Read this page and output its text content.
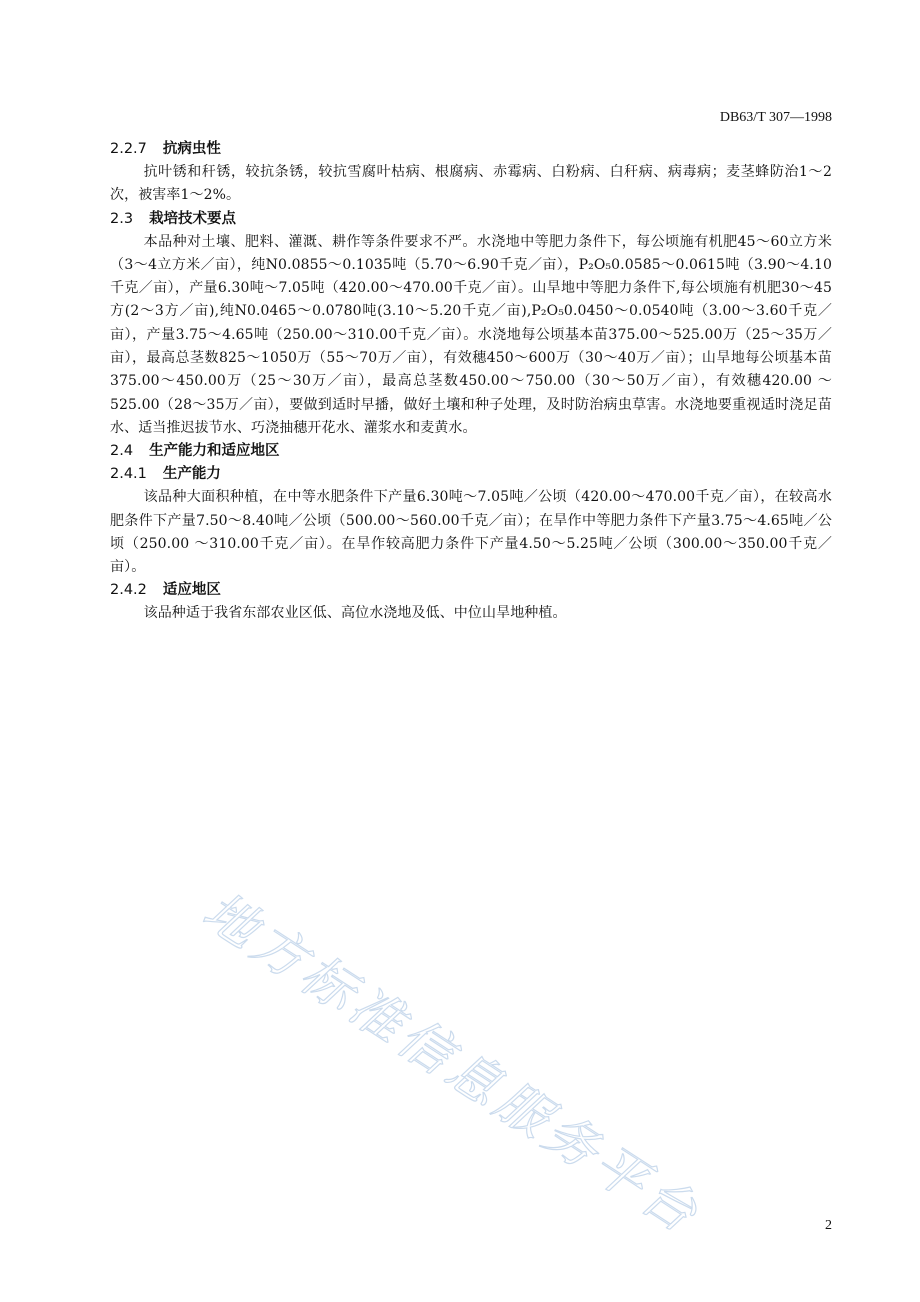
DB63/T 307—1998
2.2.7 抗病虫性

抗叶锈和秆锈，较抗条锈，较抗雪腐叶枯病、根腐病、赤霉病、白粉病、白秆病、病毒病；麦茎蜂防治1～2次，被害率1～2%。

2.3 栽培技术要点

本品种对土壤、肥料、灌溉、耕作等条件要求不严。水浇地中等肥力条件下，每公顷施有机肥45～60立方米（3～4立方米／亩），纯N0.0855～0.1035吨（5.70～6.90千克／亩），P₂O₅0.0585～0.0615吨（3.90～4.10千克／亩），产量6.30吨～7.05吨（420.00～470.00千克／亩）。山旱地中等肥力条件下,每公顷施有机肥30～45方(2～3方／亩),纯N0.0465～0.0780吨(3.10～5.20千克／亩),P₂O₅0.0450～0.0540吨（3.00～3.60千克／亩），产量3.75～4.65吨（250.00～310.00千克／亩）。水浇地每公顷基本苗375.00～525.00万（25～35万／亩），最高总茎数825～1050万（55～70万／亩），有效穗450～600万（30～40万／亩）；山旱地每公顷基本苗375.00～450.00万（25～30万／亩），最高总茎数450.00～750.00（30～50万／亩），有效穗420.00 ～525.00（28～35万／亩），要做到适时早播，做好土壤和种子处理，及时防治病虫草害。水浇地要重视适时浇足苗水、适当推迟拔节水、巧浇抽穗开花水、灌浆水和麦黄水。

2.4 生产能力和适应地区
2.4.1 生产能力

该品种大面积种植，在中等水肥条件下产量6.30吨～7.05吨／公顷（420.00～470.00千克／亩），在较高水肥条件下产量7.50～8.40吨／公顷（500.00～560.00千克／亩）；在旱作中等肥力条件下产量3.75～4.65吨／公顷（250.00 ～310.00千克／亩）。在旱作较高肥力条件下产量4.50～5.25吨／公顷（300.00～350.00千克／亩）。

2.4.2 适应地区

该品种适于我省东部农业区低、高位水浇地及低、中位山旱地种植。

地方标准信息服务平台	2
